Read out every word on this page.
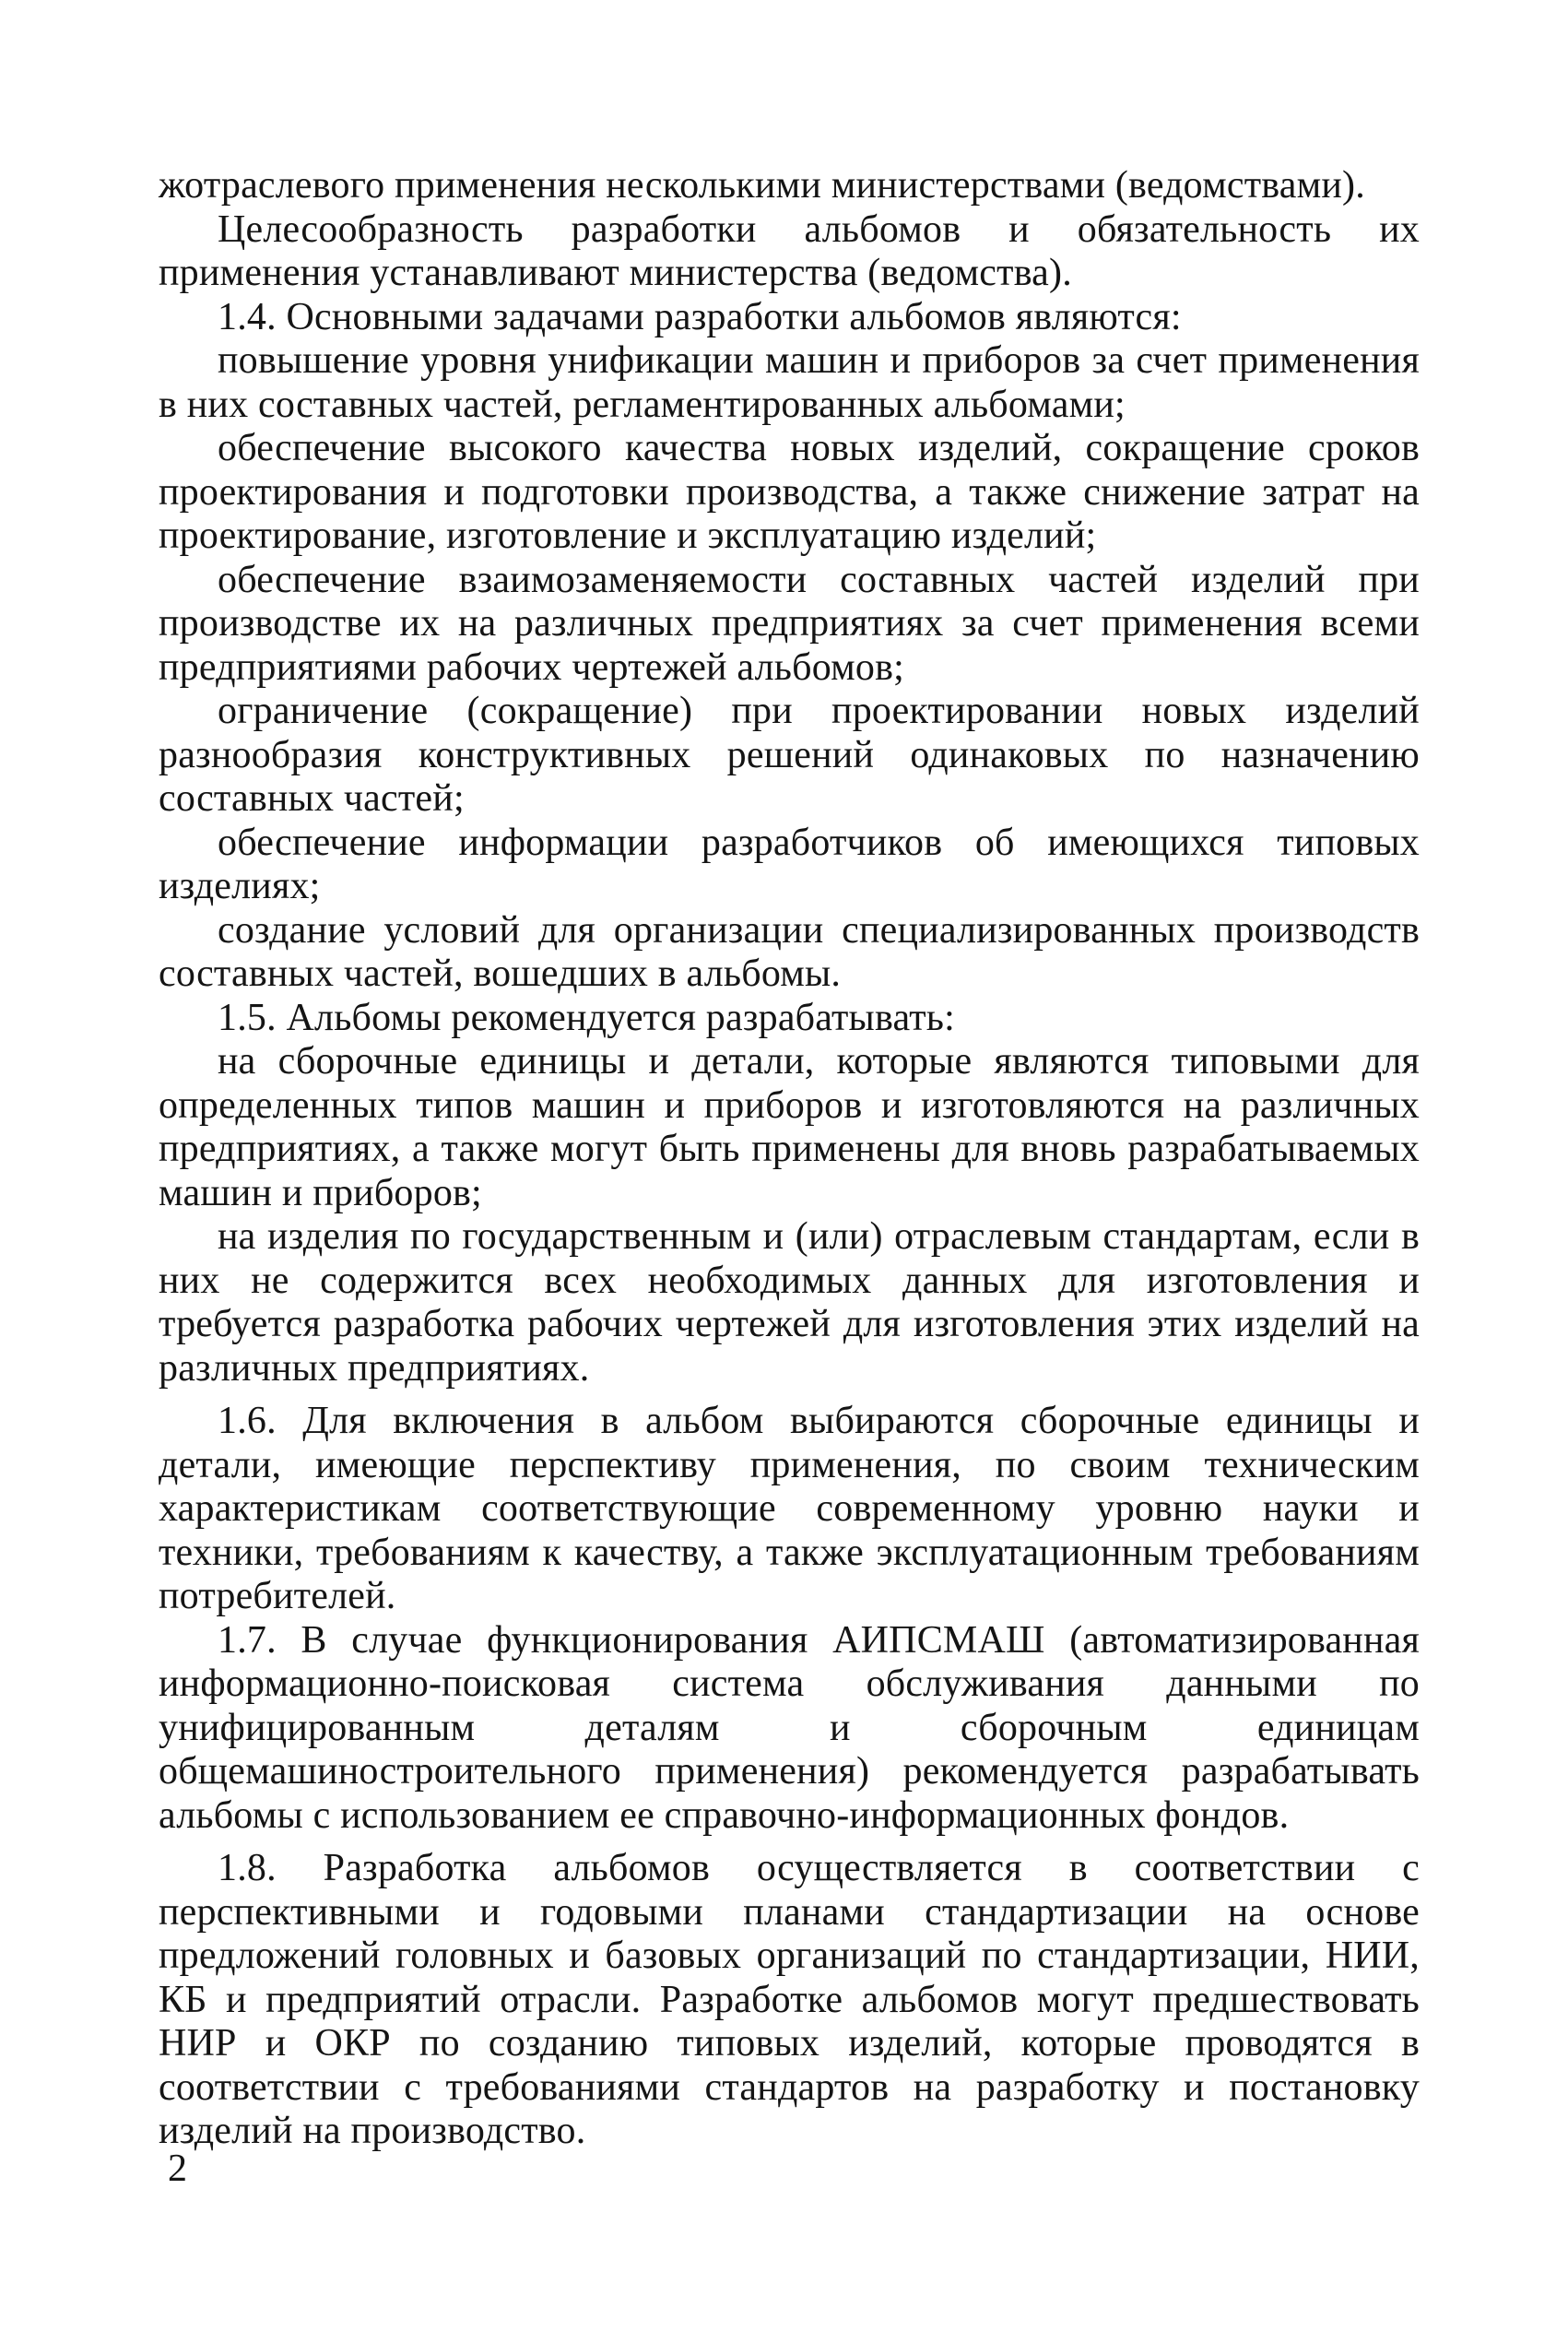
жотраслевого применения несколькими министерствами (ведомствами).

Целесообразность разработки альбомов и обязательность их применения устанавливают министерства (ведомства).

1.4. Основными задачами разработки альбомов являются:

повышение уровня унификации машин и приборов за счет применения в них составных частей, регламентированных альбомами;

обеспечение высокого качества новых изделий, сокращение сроков проектирования и подготовки производства, а также снижение затрат на проектирование, изготовление и эксплуатацию изделий;

обеспечение взаимозаменяемости составных частей изделий при производстве их на различных предприятиях за счет применения всеми предприятиями рабочих чертежей альбомов;

ограничение (сокращение) при проектировании новых изделий разнообразия конструктивных решений одинаковых по назначению составных частей;

обеспечение информации разработчиков об имеющихся типовых изделиях;

создание условий для организации специализированных производств составных частей, вошедших в альбомы.

1.5. Альбомы рекомендуется разрабатывать:

на сборочные единицы и детали, которые являются типовыми для определенных типов машин и приборов и изготовляются на различных предприятиях, а также могут быть применены для вновь разрабатываемых машин и приборов;

на изделия по государственным и (или) отраслевым стандартам, если в них не содержится всех необходимых данных для изготовления и требуется разработка рабочих чертежей для изготовления этих изделий на различных предприятиях.

1.6. Для включения в альбом выбираются сборочные единицы и детали, имеющие перспективу применения, по своим техническим характеристикам соответствующие современному уровню науки и техники, требованиям к качеству, а также эксплуатационным требованиям потребителей.

1.7. В случае функционирования АИПСМАШ (автоматизированная информационно-поисковая система обслуживания данными по унифицированным деталям и сборочным единицам общемашиностроительного применения) рекомендуется разрабатывать альбомы с использованием ее справочно-информационных фондов.

1.8. Разработка альбомов осуществляется в соответствии с перспективными и годовыми планами стандартизации на основе предложений головных и базовых организаций по стандартизации, НИИ, КБ и предприятий отрасли. Разработке альбомов могут предшествовать НИР и ОКР по созданию типовых изделий, которые проводятся в соответствии с требованиями стандартов на разработку и постановку изделий на производство.

2
